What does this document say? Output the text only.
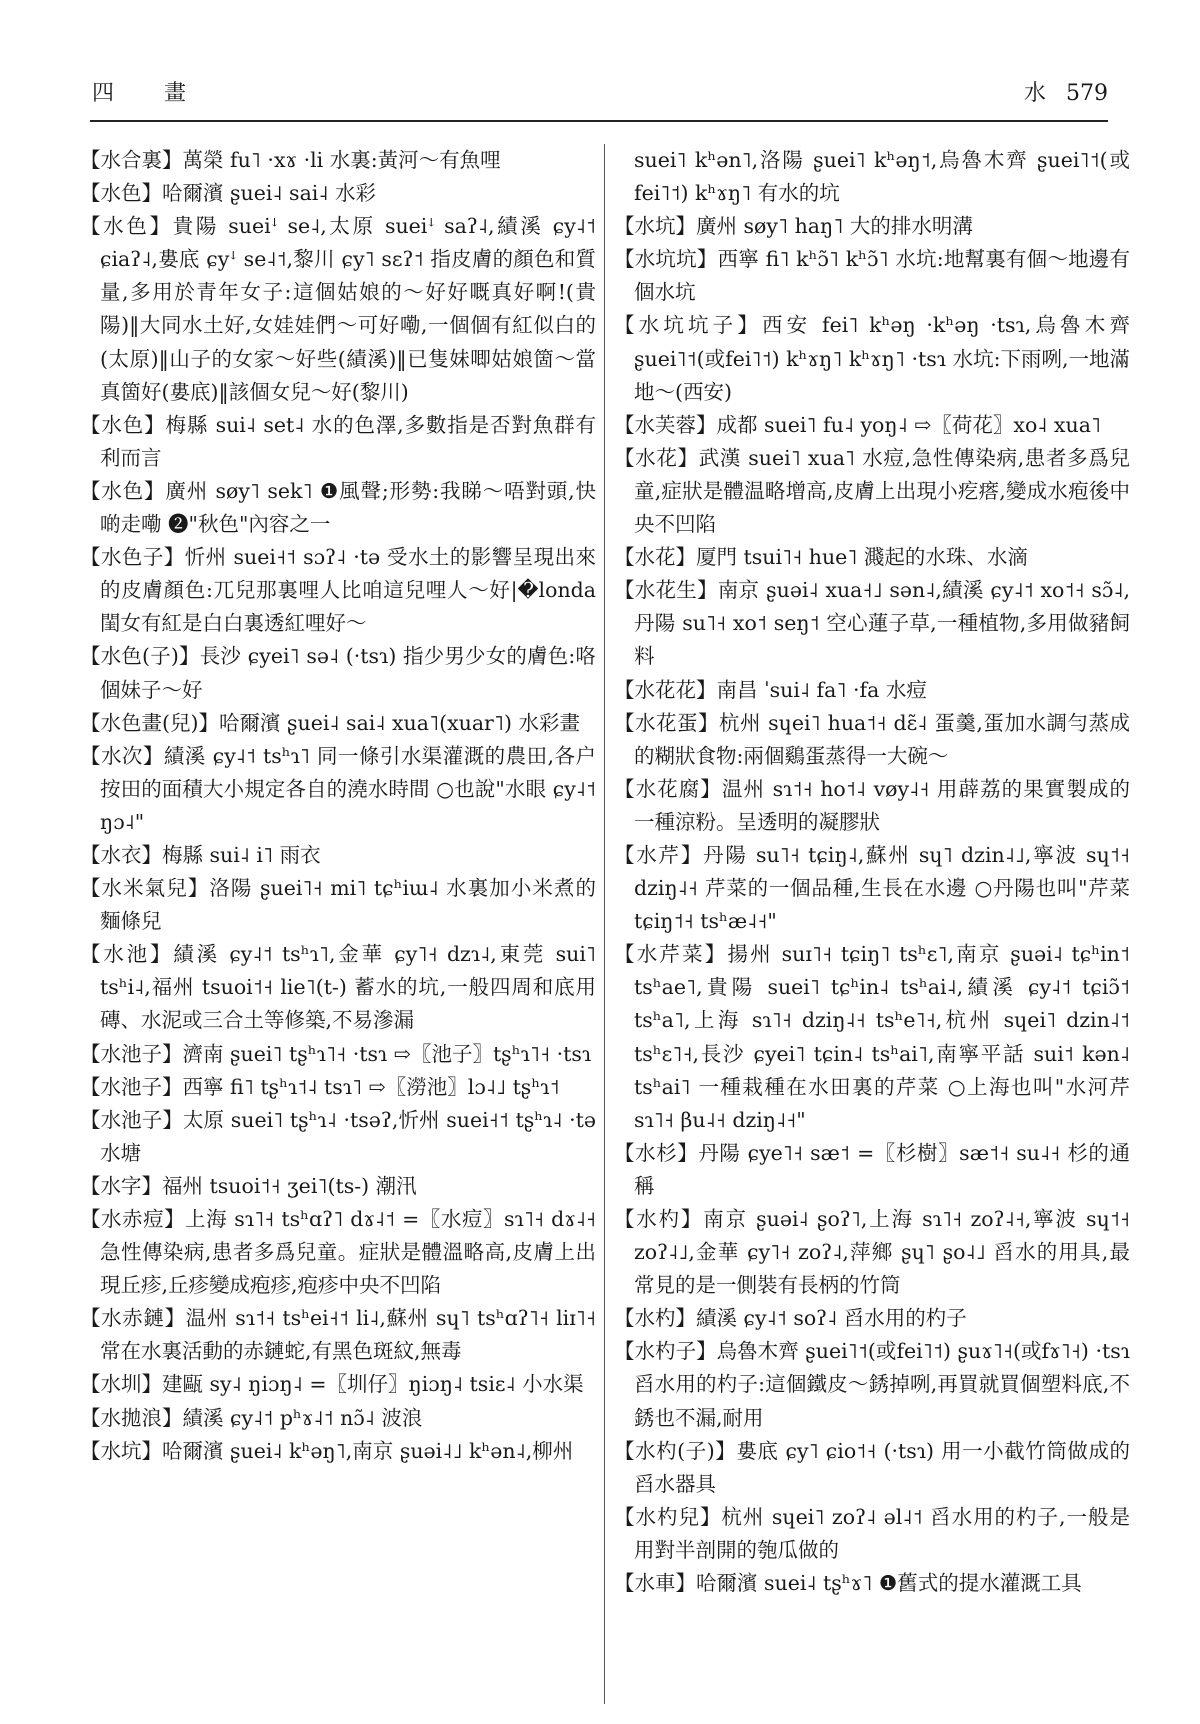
四　畫	水 579

【水合裏】萬榮 fu˥ ·xɤ ·li 水裏:黃河～有魚哩

【水色】哈爾濱 ʂuei˨ sai˨ 水彩

【水色】貴陽 sueiꜜ se˨,太原 sueiꜜ saʔ˨,績溪 ɕy˨˦ ɕiaʔ˨,婁底 ɕyꜜ se˨˦,黎川 ɕy˥ sɛʔ˦ 指皮膚的顏色和質量,多用於青年女子:這個姑娘的～好好嘅真好啊!(貴陽)‖大同水土好,女娃娃們～可好嘞,一個個有紅似白的(太原)‖山子的女家～好些(績溪)‖已隻妹唧姑娘箇～當真箇好(婁底)‖該個女兒～好(黎川)

【水色】梅縣 sui˨ set˨ 水的色澤,多數指是否對魚群有利而言

【水色】廣州 søy˥ sek˥ ❶風聲;形勢:我睇～唔對頭,快啲走嘞 ❷"秋色"內容之一

【水色子】忻州 suei˧˦ sɔʔ˨ ·tə 受水土的影響呈現出來的皮膚顏色:兀兒那裏哩人比咱這兒哩人～好|�londa閨女有紅是白白裏透紅哩好～

【水色(子)】長沙 ɕyei˥ sə˨ (·tsɿ) 指少男少女的膚色:咯個妹子～好

【水色畫(兒)】哈爾濱 ʂuei˨ sai˨ xua˥(xuar˥) 水彩畫

【水次】績溪 ɕy˨˦ tsʰɿ˥ 同一條引水渠灌溉的農田,各户按田的面積大小規定各自的澆水時間 ○也說"水眼 ɕy˨˦ ŋɔ˨"

【水衣】梅縣 sui˨ i˥ 雨衣

【水米氣兒】洛陽 ʂuei˥˧ mi˥ tɕʰiɯ˨ 水裏加小米煮的麵條兒

【水池】績溪 ɕy˨˦ tsʰɿ˥,金華 ɕy˥˧ dzɿ˨,東莞 sui˥ tsʰi˨,福州 tsuoi˦˧ lie˥(t-) 蓄水的坑,一般四周和底用磚、水泥或三合土等修築,不易滲漏

【水池子】濟南 ʂuei˥ tʂʰɿ˥˧ ·tsɿ ⇨〖池子〗tʂʰɿ˥˧ ·tsɿ

【水池子】西寧 fi˥ tʂʰɿ˦˨ tsɿ˥ ⇨〖澇池〗lɔ˨˩ tʂʰɿ˦

【水池子】太原 suei˥ tʂʰɿ˨ ·tsəʔ,忻州 suei˧˦ tʂʰɿ˨ ·tə 水塘

【水字】福州 tsuoi˦˧ ʒei˥(ts-) 潮汛

【水赤痘】上海 sɿ˥˧ tsʰɑʔ˥ dɤ˨˦ =〖水痘〗sɿ˥˧ dɤ˨˧ 急性傳染病,患者多爲兒童。症狀是體溫略高,皮膚上出現丘疹,丘疹變成疱疹,疱疹中央不凹陷

【水赤鏈】温州 sɿ˦˧ tsʰei˧˦ li˨,蘇州 sɥ˥ tsʰɑʔ˥˧ liɪ˥˧ 常在水裏活動的赤鏈蛇,有黑色斑紋,無毒

【水圳】建甌 sy˨ ŋiɔŋ˨ =〖圳仔〗ŋiɔŋ˨ tsiɛ˨ 小水渠

【水拋浪】績溪 ɕy˨˦ pʰɤ˨˦ nɔ̃˨ 波浪

【水坑】哈爾濱 ʂuei˨ kʰəŋ˥,南京 ʂuəi˨˩ kʰən˨,柳州

suei˥ kʰən˥,洛陽 ʂuei˥ kʰəŋ˦,烏魯木齊 ʂuei˥˦(或fei˥˦) kʰɤŋ˥ 有水的坑

【水坑】廣州 søy˥ haŋ˥ 大的排水明溝

【水坑坑】西寧 fi˥ kʰɔ̃˥ kʰɔ̃˥ 水坑:地幫裏有個～地邊有個水坑

【水坑坑子】西安 fei˥ kʰəŋ ·kʰəŋ ·tsɿ,烏魯木齊 ʂuei˥˦(或fei˥˦) kʰɤŋ˥ kʰɤŋ˥ ·tsɿ 水坑:下雨咧,一地滿地～(西安)

【水芙蓉】成都 suei˥ fu˨ yoŋ˨ ⇨〖荷花〗xo˨ xua˥

【水花】武漢 suei˥ xua˥ 水痘,急性傳染病,患者多爲兒童,症狀是體温略增高,皮膚上出現小疙瘩,變成水疱後中央不凹陷

【水花】厦門 tsui˥˧ hue˥ 濺起的水珠、水滴

【水花生】南京 ʂuəi˨ xua˧˩ sən˨,績溪 ɕy˨˦ xo˦˧ sɔ̃˨,丹陽 su˥˧ xo˦ seŋ˦ 空心蓮子草,一種植物,多用做豬飼料

【水花花】南昌 ˈsui˨ fa˥ ·fa 水痘

【水花蛋】杭州 sɥei˥ hua˦˧ dɛ̃˨ 蛋羹,蛋加水調勻蒸成的糊狀食物:兩個鷄蛋蒸得一大碗～

【水花腐】温州 sɿ˦˧ ho˦˨ vøy˨˧ 用薜荔的果實製成的一種涼粉。呈透明的凝膠狀

【水芹】丹陽 su˥˧ tɕiŋ˨,蘇州 sɥ˥ dzin˨˩,寧波 sɥ˦˧ dziŋ˨˧ 芹菜的一個品種,生長在水邊 ○丹陽也叫"芹菜 tɕiŋ˦˧ tsʰæ˨˧"

【水芹菜】揚州 suɪ˥˧ tɕiŋ˥ tsʰɛ˥,南京 ʂuəi˨ tɕʰin˦ tsʰae˥,貴陽 suei˥ tɕʰin˨ tsʰai˨,績溪 ɕy˨˦ tɕiɔ̃˦ tsʰa˥,上海 sɿ˥˧ dziŋ˨˧ tsʰe˥˧,杭州 sɥei˥ dzin˨˦ tsʰɛ˥˧,長沙 ɕyei˥ tɕin˨ tsʰai˥,南寧平話 sui˦ kən˨ tsʰai˥ 一種栽種在水田裏的芹菜 ○上海也叫"水河芹 sɿ˥˧ βu˨˧ dziŋ˨˧"

【水杉】丹陽 ɕye˥˧ sæ˦ =〖杉樹〗sæ˦˧ su˨˧ 杉的通稱

【水杓】南京 ʂuəi˨ ʂoʔ˥,上海 sɿ˥˧ zoʔ˨˧,寧波 sɥ˦˧ zoʔ˨˩,金華 ɕy˥˧ zoʔ˨,萍鄉 ʂɥ˥ ʂo˨˩ 舀水的用具,最常見的是一側裝有長柄的竹筒

【水杓】績溪 ɕy˨˦ soʔ˨ 舀水用的杓子

【水杓子】烏魯木齊 ʂuei˥˦(或fei˥˦) ʂuɤ˥˧(或fɤ˥˧) ·tsɿ 舀水用的杓子:這個鐵皮～銹掉咧,再買就買個塑料底,不銹也不漏,耐用

【水杓(子)】婁底 ɕy˥ ɕio˦˧ (·tsɿ) 用一小截竹筒做成的舀水器具

【水杓兒】杭州 sɥei˥ zoʔ˨ əl˨˦ 舀水用的杓子,一般是用對半剖開的匏瓜做的

【水車】哈爾濱 suei˨ tʂʰɤ˥ ❶舊式的提水灌溉工具
